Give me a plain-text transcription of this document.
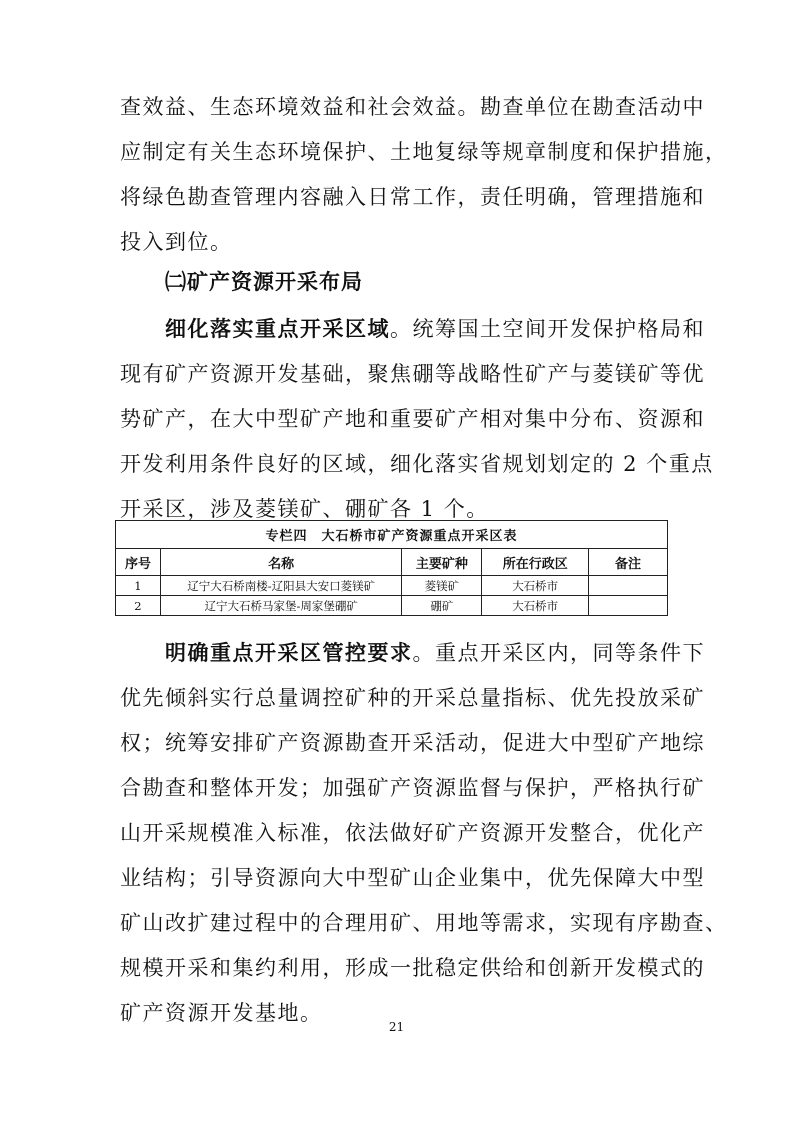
查效益、生态环境效益和社会效益。勘查单位在勘查活动中
应制定有关生态环境保护、土地复绿等规章制度和保护措施，
将绿色勘查管理内容融入日常工作，责任明确，管理措施和
投入到位。
㈡矿产资源开采布局
细化落实重点开采区域。统筹国土空间开发保护格局和
现有矿产资源开发基础，聚焦硼等战略性矿产与菱镁矿等优
势矿产，在大中型矿产地和重要矿产相对集中分布、资源和
开发利用条件良好的区域，细化落实省规划划定的 2 个重点
开采区，涉及菱镁矿、硼矿各 1 个。
专栏四　大石桥市矿产资源重点开采区表				
序号	名称	主要矿种	所在行政区	备注
1	辽宁大石桥南楼-辽阳县大安口菱镁矿	菱镁矿	大石桥市	
2	辽宁大石桥马家堡-周家堡硼矿	硼矿	大石桥市	
明确重点开采区管控要求。重点开采区内，同等条件下
优先倾斜实行总量调控矿种的开采总量指标、优先投放采矿
权；统筹安排矿产资源勘查开采活动，促进大中型矿产地综
合勘查和整体开发；加强矿产资源监督与保护，严格执行矿
山开采规模准入标准，依法做好矿产资源开发整合，优化产
业结构；引导资源向大中型矿山企业集中，优先保障大中型
矿山改扩建过程中的合理用矿、用地等需求，实现有序勘查、
规模开采和集约利用，形成一批稳定供给和创新开发模式的
矿产资源开发基地。
21
